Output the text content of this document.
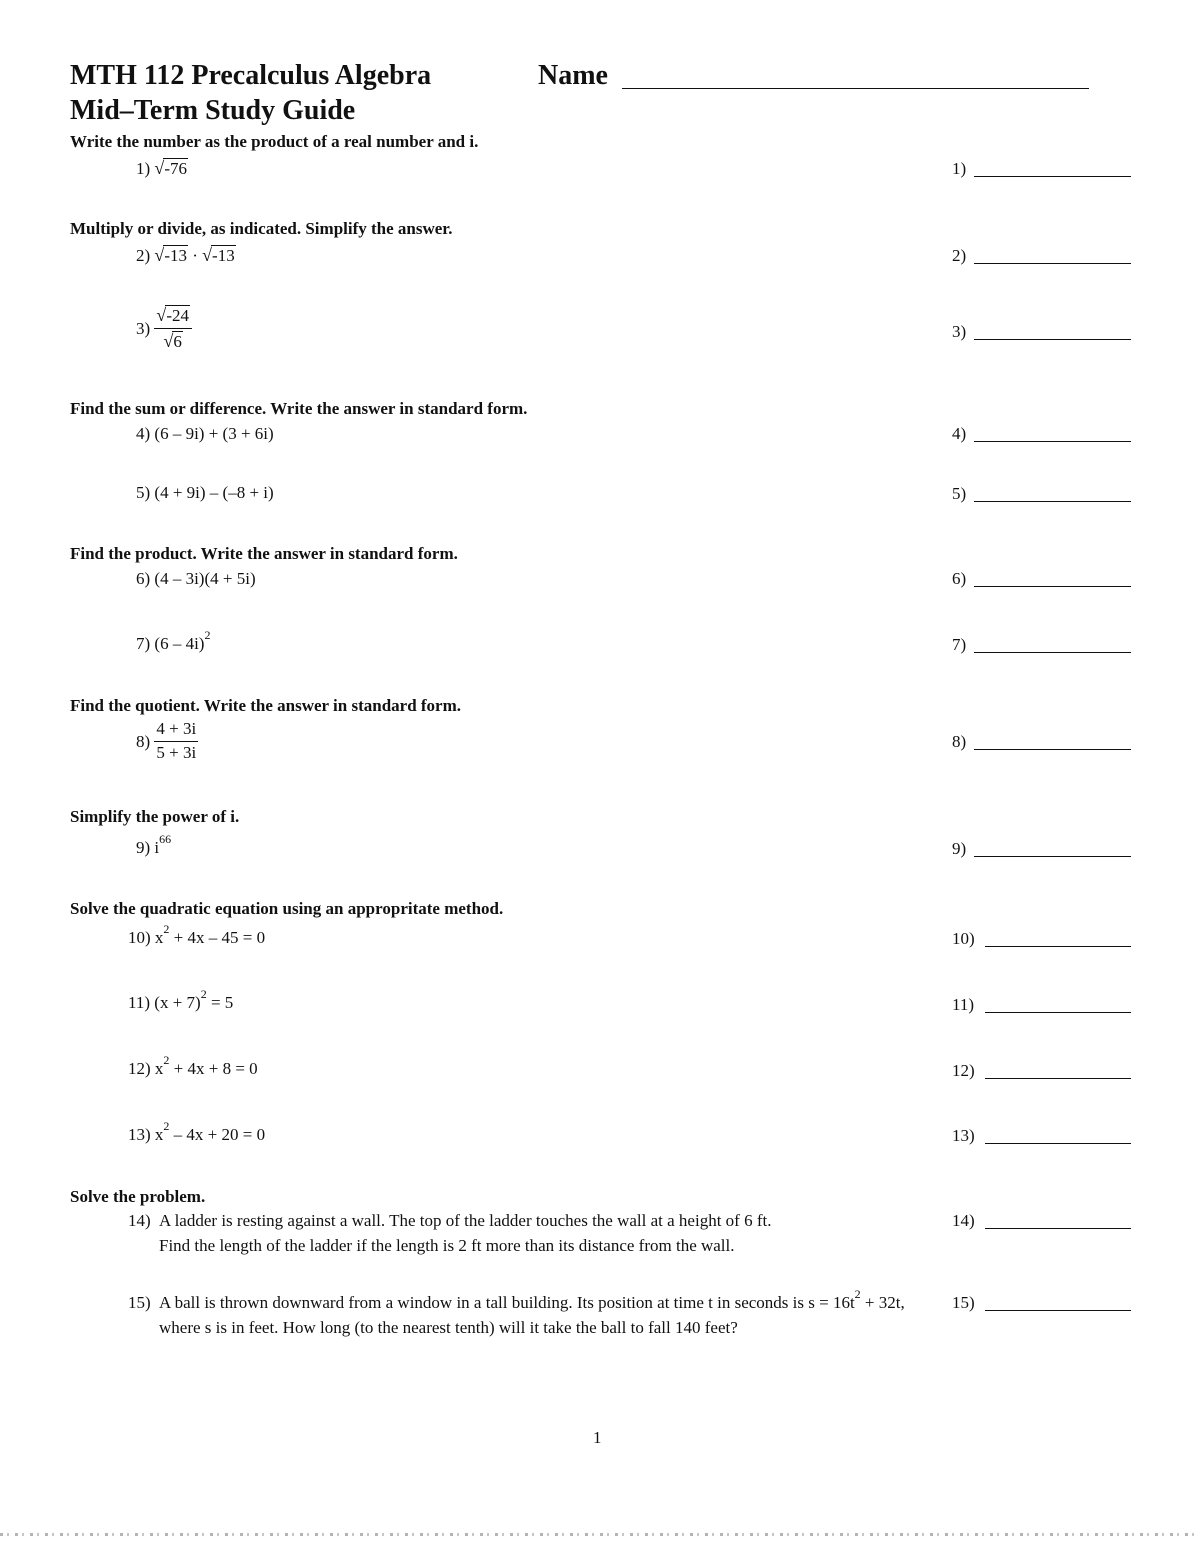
MTH 112 Precalculus Algebra	Name
Mid–Term Study Guide
Write the number as the product of a real number and i.
1) √ -76
Multiply or divide, as indicated. Simplify the answer.
2) √ -13 · √ -13
$3) \frac{√ -24}{√ 6}$
Find the sum or difference. Write the answer in standard form.
4) (6 – 9i) + (3 + 6i)
5) (4 + 9i) – (–8 + i)
Find the product. Write the answer in standard form.
6) (4 – 3i)(4 + 5i)
7) (6 – 4i)$^2$
Find the quotient. Write the answer in standard form.
$8) \frac{4 + 3i}{5 + 3i}$
Simplify the power of i.
9) $i^{66}$
Solve the quadratic equation using an appropritate method.
10) $x^2 + 4x - 45 = 0$
11) $(x + 7)^2 = 5$
12) $x^2 + 4x + 8 = 0$
13) $x^2 - 4x + 20 = 0$
Solve the problem.
14) A ladder is resting against a wall. The top of the ladder touches the wall at a height of 6 ft.
Find the length of the ladder if the length is 2 ft more than its distance from the wall.
15) A ball is thrown downward from a window in a tall building. Its position at time t in seconds is $s = 16t^2 + 32t$, where s is in feet. How long (to the nearest tenth) will it take the ball to fall 140 feet?
1)
2)
3)
4)
5)
6)
7)
8)
9)
10)
11)
12)
13)
14)
15)
1
